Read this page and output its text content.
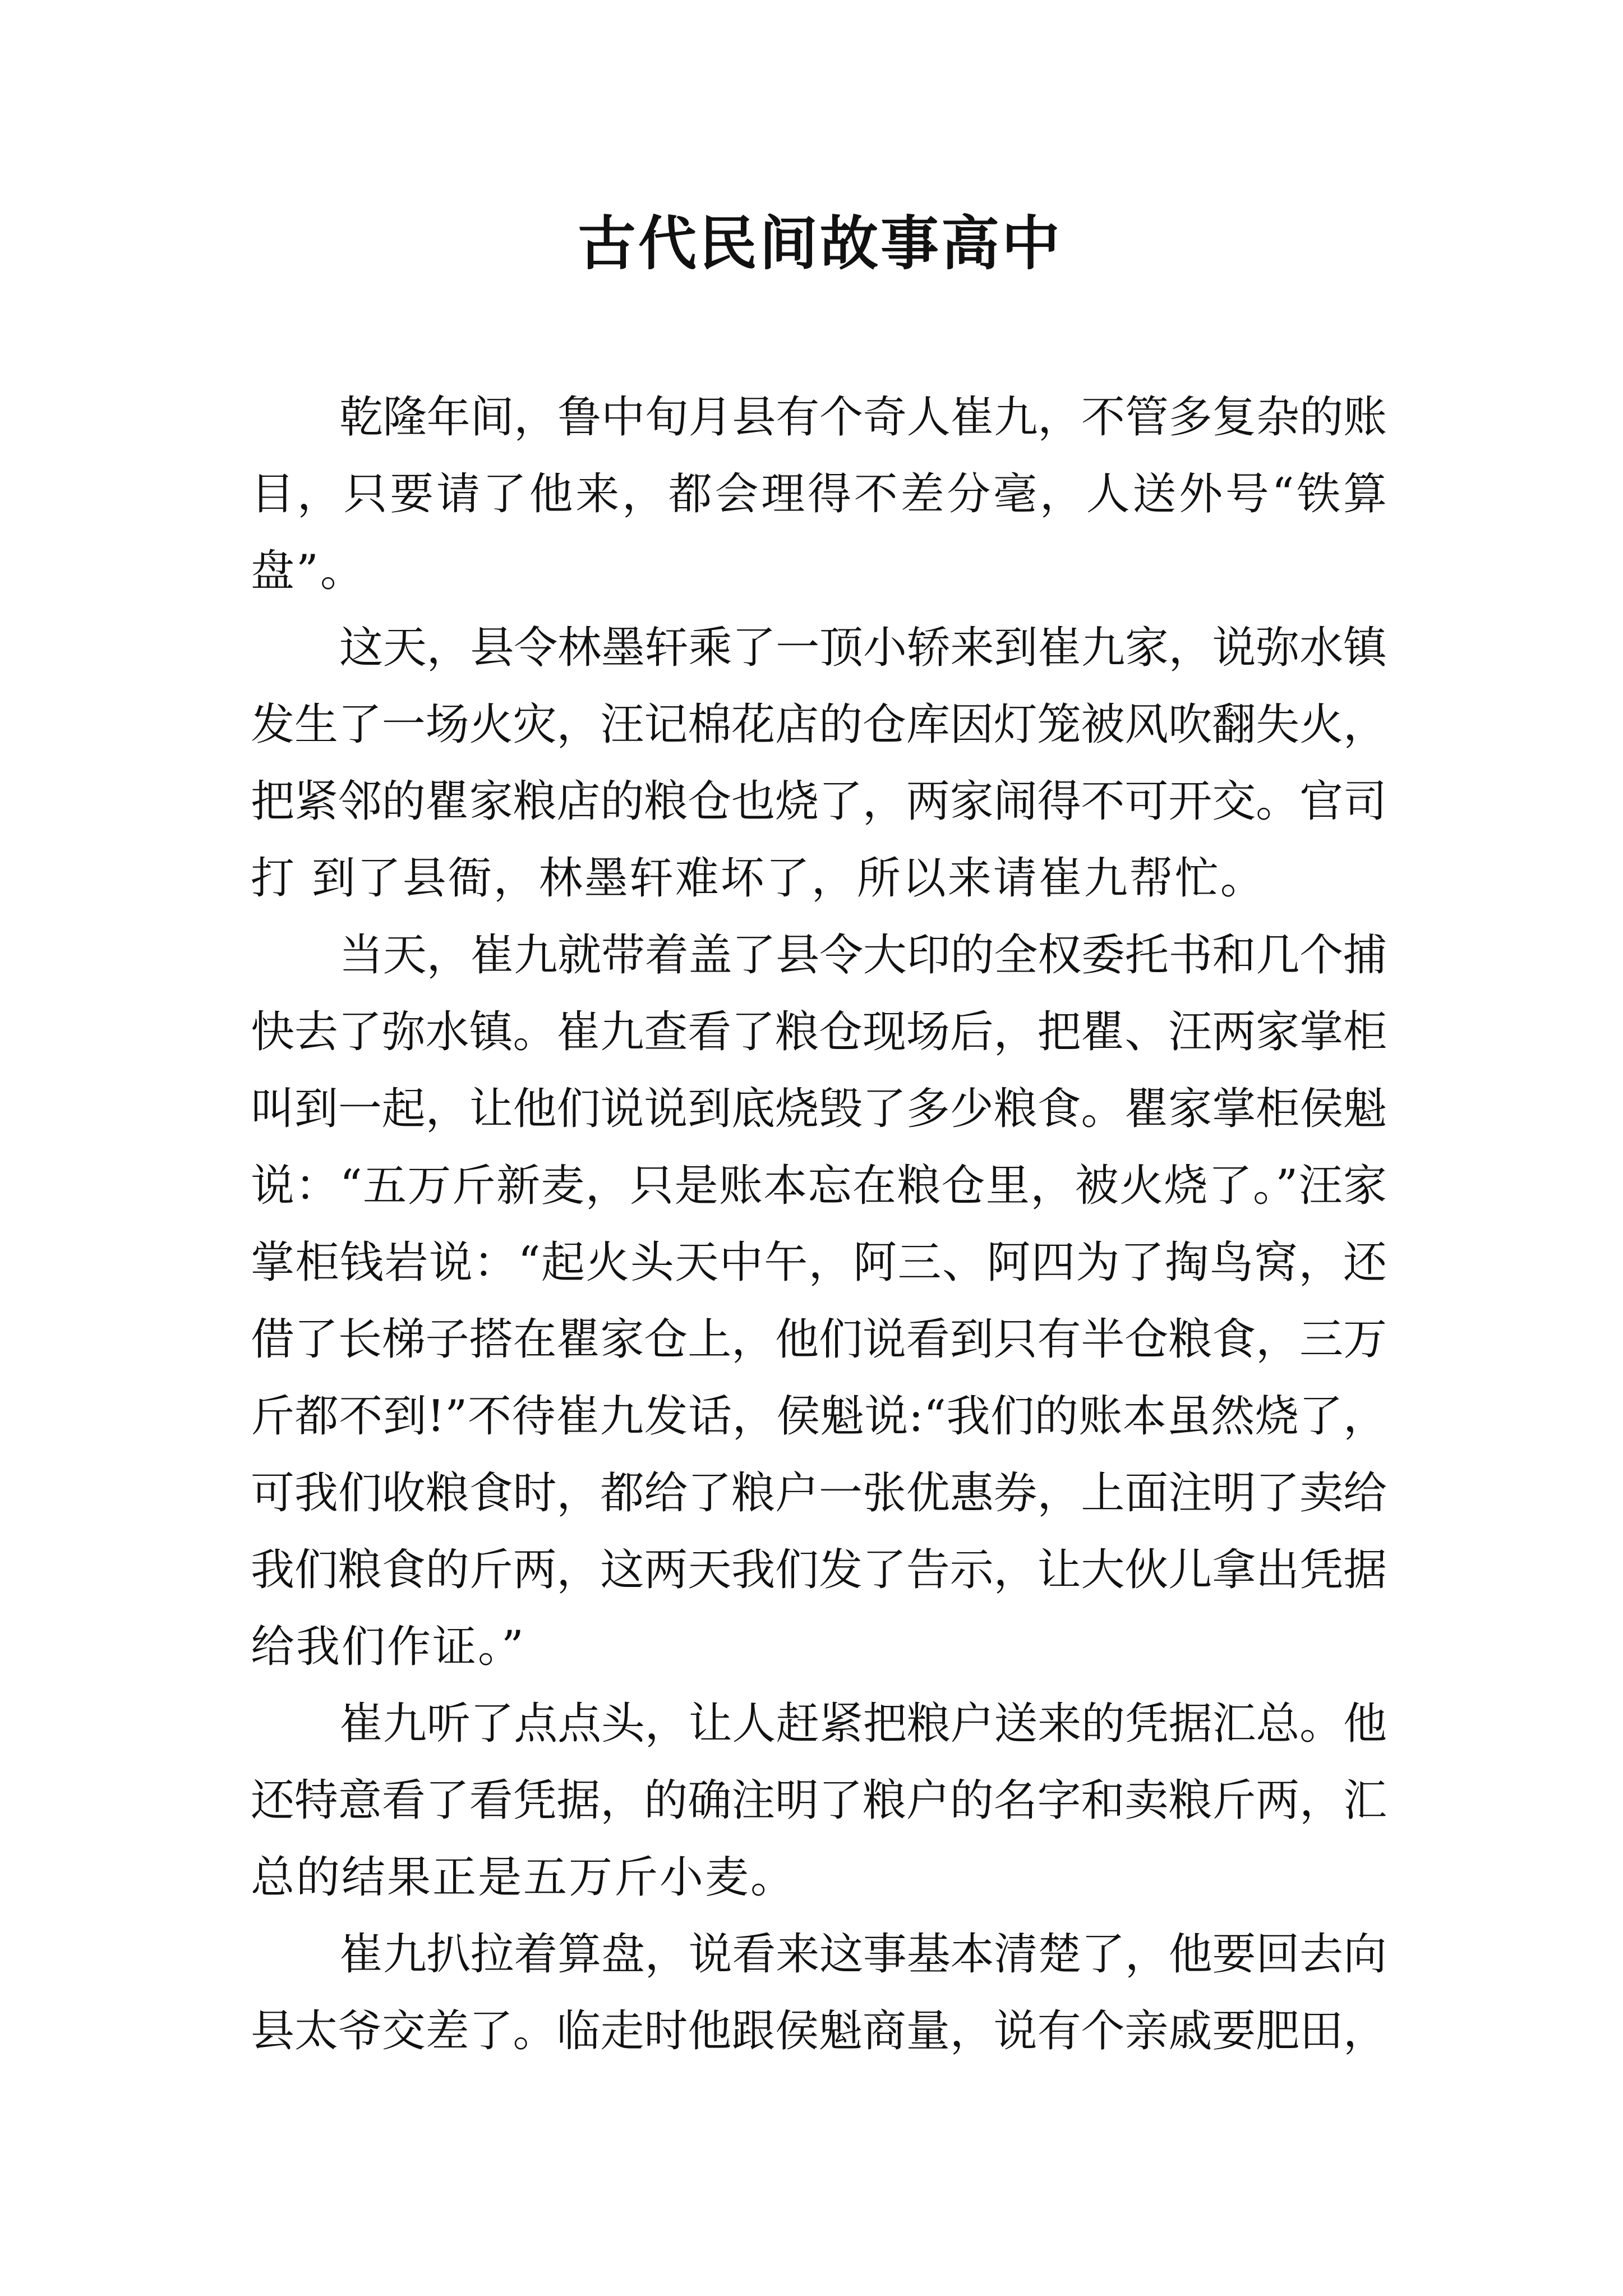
古代民间故事高中
乾隆年间，鲁中旬月县有个奇人崔九，不管多复杂的账
目，只要请了他来，都会理得不差分毫，人送外号“铁算
盘”。
这天，县令林墨轩乘了一顶小轿来到崔九家，说弥水镇
发生了一场火灾，汪记棉花店的仓库因灯笼被风吹翻失火，
把紧邻的瞿家粮店的粮仓也烧了，两家闹得不可开交。官司
打 到了县衙，林墨轩难坏了，所以来请崔九帮忙。
当天，崔九就带着盖了县令大印的全权委托书和几个捕
快去了弥水镇。崔九查看了粮仓现场后，把瞿、汪两家掌柜
叫到一起，让他们说说到底烧毁了多少粮食。瞿家掌柜侯魁
说：“五万斤新麦，只是账本忘在粮仓里，被火烧了。”汪家
掌柜钱岩说：“起火头天中午，阿三、阿四为了掏鸟窝，还
借了长梯子搭在瞿家仓上，他们说看到只有半仓粮食，三万
斤都不到!”不待崔九发话，侯魁说:“我们的账本虽然烧了，
可我们收粮食时，都给了粮户一张优惠券，上面注明了卖给
我们粮食的斤两，这两天我们发了告示，让大伙儿拿出凭据
给我们作证。”
崔九听了点点头，让人赶紧把粮户送来的凭据汇总。他
还特意看了看凭据，的确注明了粮户的名字和卖粮斤两，汇
总的结果正是五万斤小麦。
崔九扒拉着算盘，说看来这事基本清楚了，他要回去向
县太爷交差了。临走时他跟侯魁商量，说有个亲戚要肥田，
